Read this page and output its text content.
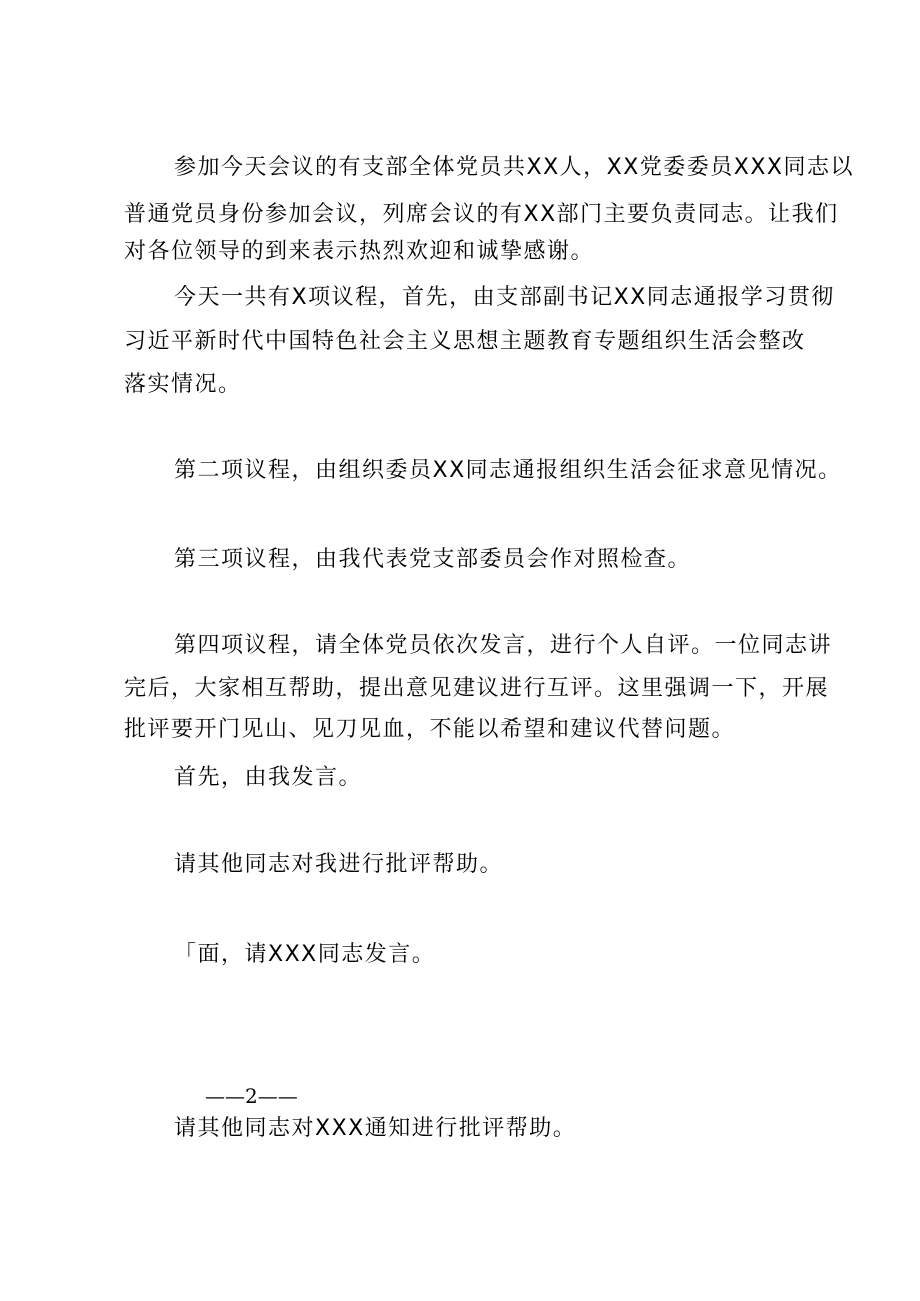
参加今天会议的有支部全体党员共XX人，XX党委委员XXX同志以
普通党员身份参加会议，列席会议的有XX部门主要负责同志。让我们
对各位领导的到来表示热烈欢迎和诚挚感谢。
今天一共有X项议程，首先，由支部副书记XX同志通报学习贯彻
习近平新时代中国特色社会主义思想主题教育专题组织生活会整改
落实情况。
第二项议程，由组织委员XX同志通报组织生活会征求意见情况。
第三项议程，由我代表党支部委员会作对照检查。
第四项议程，请全体党员依次发言，进行个人自评。一位同志讲
完后，大家相互帮助，提出意见建议进行互评。这里强调一下，开展
批评要开门见山、见刀见血，不能以希望和建议代替问题。
首先，由我发言。
请其他同志对我进行批评帮助。
「面，请XXX同志发言。
——2——
请其他同志对XXX通知进行批评帮助。
